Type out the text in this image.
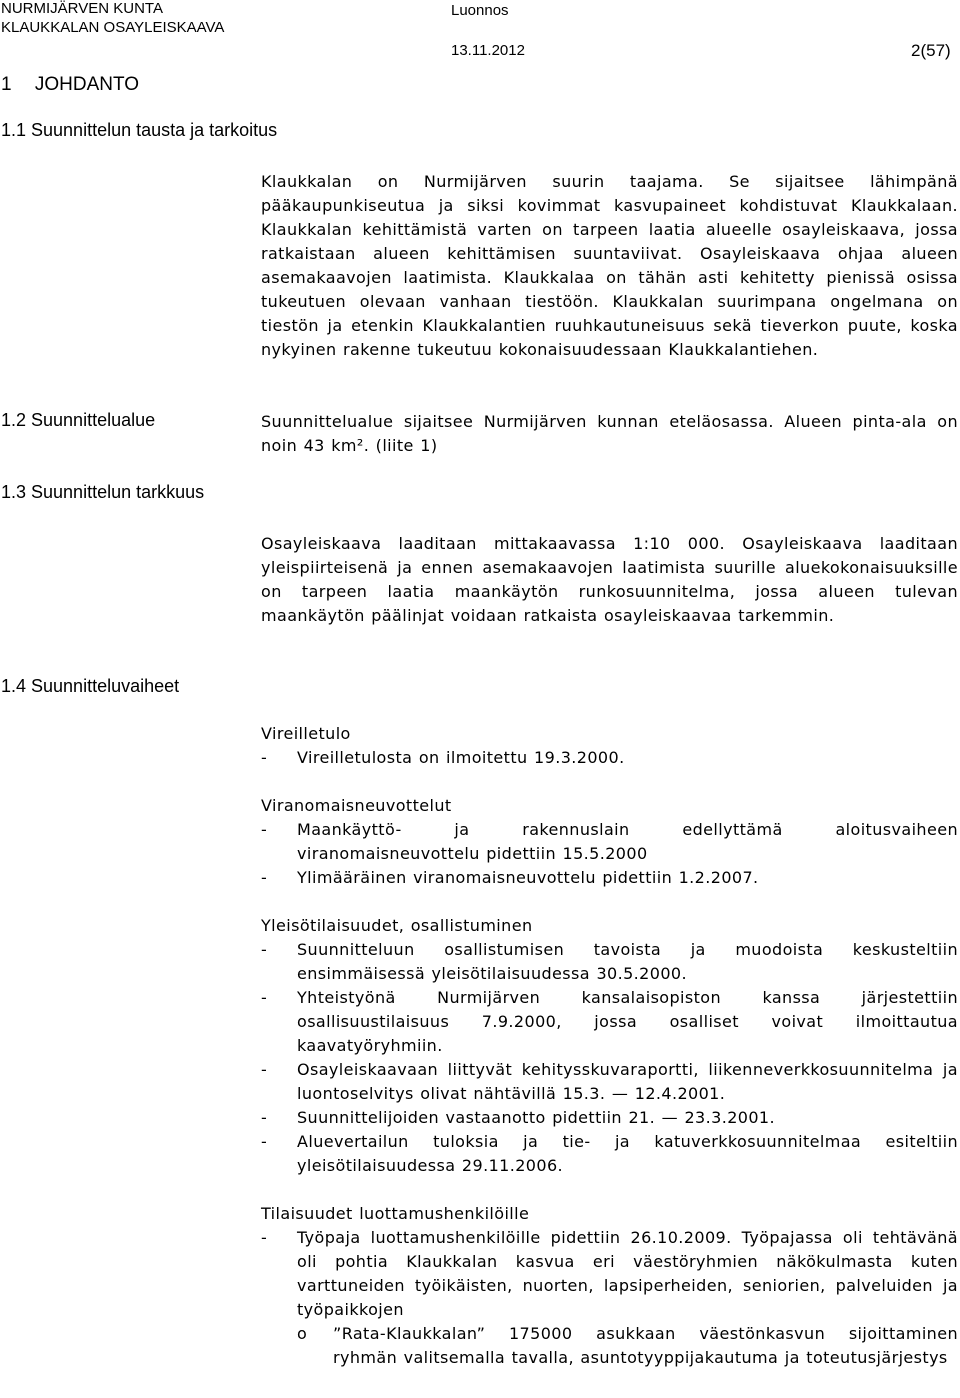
NURMIJÄRVEN KUNTA
KLAUKKALAN OSAYLEISKAAVA
Luonnos
13.11.2012	2(57)
1 JOHDANTO
1.1 Suunnittelun tausta ja tarkoitus

Klaukkalan on Nurmijärven suurin taajama. Se sijaitsee lähimpänä pääkaupunkiseutua ja siksi kovimmat kasvupaineet kohdistuvat Klaukkalaan. Klaukkalan kehittämistä varten on tarpeen laatia alueelle osayleiskaava, jossa ratkaistaan alueen kehittämisen suuntaviivat. Osayleiskaava ohjaa alueen asemakaavojen laatimista. Klaukkalaa on tähän asti kehitetty pienissä osissa tukeutuen olevaan vanhaan tiestöön. Klaukkalan suurimpana ongelmana on tiestön ja etenkin Klaukkalantien ruuhkautuneisuus sekä tieverkon puute, koska nykyinen rakenne tukeutuu kokonaisuudessaan Klaukkalantiehen.

1.2 Suunnittelualue	Suunnittelualue sijaitsee Nurmijärven kunnan eteläosassa. Alueen pinta-ala on noin 43 km². (liite 1)

1.3 Suunnittelun tarkkuus

Osayleiskaava laaditaan mittakaavassa 1:10 000. Osayleiskaava laaditaan yleispiirteisenä ja ennen asemakaavojen laatimista suurille aluekokonaisuuksille on tarpeen laatia maankäytön runkosuunnitelma, jossa alueen tulevan maankäytön päälinjat voidaan ratkaista osayleiskaavaa tarkemmin.

1.4 Suunnitteluvaiheet

Vireilletulo

- Vireilletulosta on ilmoitettu 19.3.2000.

Viranomaisneuvottelut

- Maankäyttö- ja rakennuslain edellyttämä aloitusvaiheen viranomaisneuvottelu pidettiin 15.5.2000
- Ylimääräinen viranomaisneuvottelu pidettiin 1.2.2007.

Yleisötilaisuudet, osallistuminen

- Suunnitteluun osallistumisen tavoista ja muodoista keskusteltiin ensimmäisessä yleisötilaisuudessa 30.5.2000.
- Yhteistyönä Nurmijärven kansalaisopiston kanssa järjestettiin osallisuustilaisuus 7.9.2000, jossa osalliset voivat ilmoittautua kaavatyöryhmiin.
- Osayleiskaavaan liittyvät kehitysskuvaraportti, liikenneverkkosuunnitelma ja luontoselvitys olivat nähtävillä 15.3. — 12.4.2001.
- Suunnittelijoiden vastaanotto pidettiin 21. — 23.3.2001.
- Aluevertailun tuloksia ja tie- ja katuverkkosuunnitelmaa esiteltiin yleisötilaisuudessa 29.11.2006.

Tilaisuudet luottamushenkilöille

- Työpaja luottamushenkilöille pidettiin 26.10.2009. Työpajassa oli tehtävänä oli pohtia Klaukkalan kasvua eri väestöryhmien näkökulmasta kuten varttuneiden työikäisten, nuorten, lapsiperheiden, seniorien, palveluiden ja työpaikkojen
o ”Rata-Klaukkalan” 175000 asukkaan väestönkasvun sijoittaminen ryhmän valitsemalla tavalla, asuntotyyppijakautuma ja toteutusjärjestys
